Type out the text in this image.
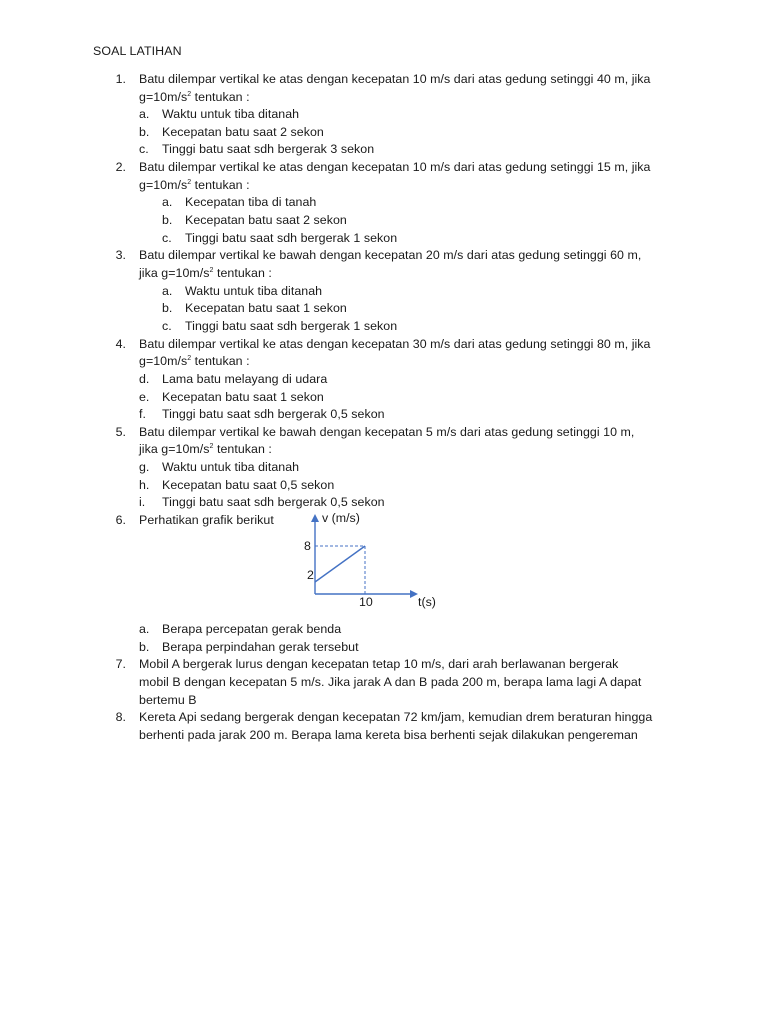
SOAL LATIHAN
1. Batu dilempar vertikal ke atas dengan kecepatan 10 m/s dari atas gedung setinggi 40 m, jika
$g=10m/s^2$ tentukan :
a. Waktu untuk tiba ditanah
b. Kecepatan batu saat 2 sekon
c. Tinggi batu saat sdh bergerak 3 sekon
2. Batu dilempar vertikal ke atas dengan kecepatan 10 m/s dari atas gedung setinggi 15 m, jika
$g=10m/s^2$ tentukan :
a. Kecepatan tiba di tanah
b. Kecepatan batu saat 2 sekon
c. Tinggi batu saat sdh bergerak 1 sekon
3. Batu dilempar vertikal ke bawah dengan kecepatan 20 m/s dari atas gedung setinggi 60 m,
jika $g=10m/s^2$ tentukan :
a. Waktu untuk tiba ditanah
b. Kecepatan batu saat 1 sekon
c. Tinggi batu saat sdh bergerak 1 sekon
4. Batu dilempar vertikal ke atas dengan kecepatan 30 m/s dari atas gedung setinggi 80 m, jika
$g=10m/s^2$ tentukan :
d. Lama batu melayang di udara
e. Kecepatan batu saat 1 sekon
f. Tinggi batu saat sdh bergerak 0,5 sekon
5. Batu dilempar vertikal ke bawah dengan kecepatan 5 m/s dari atas gedung setinggi 10 m,
jika $g=10m/s^2$ tentukan :
g. Waktu untuk tiba ditanah
h. Kecepatan batu saat 0,5 sekon
i. Tinggi batu saat sdh bergerak 0,5 sekon
6. Perhatikan grafik berikut	v (m/s)
8
2
10	t(s)
a. Berapa percepatan gerak benda
b. Berapa perpindahan gerak tersebut
7. Mobil A bergerak lurus dengan kecepatan tetap 10 m/s, dari arah berlawanan bergerak
mobil B dengan kecepatan 5 m/s. Jika jarak A dan B pada 200 m, berapa lama lagi A dapat
bertemu B
8. Kereta Api sedang bergerak dengan kecepatan 72 km/jam, kemudian drem beraturan hingga
berhenti pada jarak 200 m. Berapa lama kereta bisa berhenti sejak dilakukan pengereman
